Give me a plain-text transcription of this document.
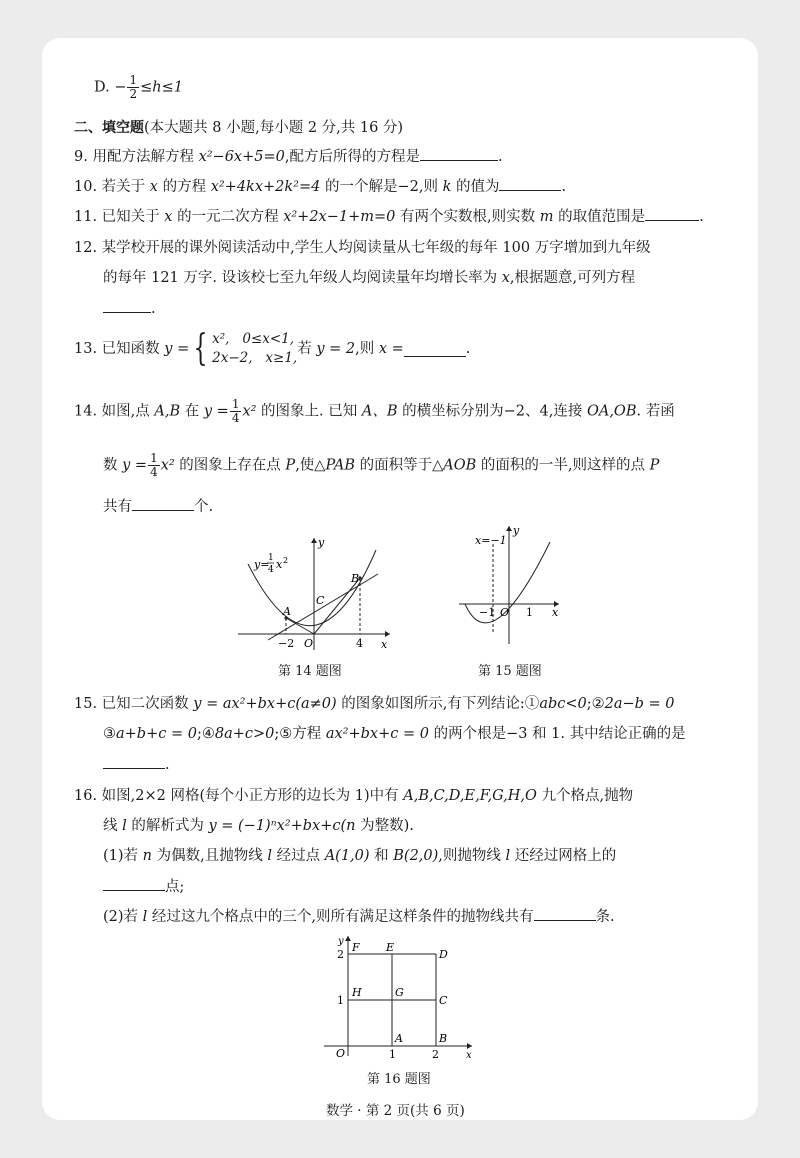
D. − $\frac{1}{2} \le h\le 1$
二、填空题(本大题共 8 小题,每小题 2 分,共 16 分)
9. 用配方法解方程 x²−6x+5=0,配方后所得的方程是	.
10. 若关于 x 的方程 x²+4kx+2k²=4 的一个解是−2,则 k 的值为	.
11. 已知关于 x 的一元二次方程 x²+2x−1+m=0 有两个实数根,则实数 m 的取值范围是	.
12. 某学校开展的课外阅读活动中,学生人均阅读量从七年级的每年 100 万字增加到九年级
的每年 121 万字. 设该校七至九年级人均阅读量年均增长率为 x,根据题意,可列方程
.
13. 已知函数 y = { x², 0≤x<1,
2x−2, x≥1,若 y = 2,则 x =	.
14. 如图,点 A,B 在 $y = \frac{1}{4} x^2$ 的图象上. 已知 A、B 的横坐标分别为−2、4,连接 OA,OB. 若函
数 $y = \frac{1}{4} x^2$ 的图象上存在点 P,使△PAB 的面积等于△AOB 的面积的一半,则这样的点 P
共有	个.
y=
1
4 x 2
y
x
A
B
C
O
−2	4
第 14 题图
x=−1
y
x
−1 O 1
第 15 题图
15. 已知二次函数 y = ax²+bx+c(a≠0) 的图象如图所示,有下列结论:①abc<0;②2a−b = 0
③a+b+c = 0;④8a+c>0;⑤方程 ax²+bx+c = 0 的两个根是−3 和 1. 其中结论正确的是
.
16. 如图,2×2 网格(每个小正方形的边长为 1)中有 A,B,C,D,E,F,G,H,O 九个格点,抛物
线 l 的解析式为 y = (−1)ⁿx²+bx+c(n 为整数).
(1)若 n 为偶数,且抛物线 l 经过点 A(1,0) 和 B(2,0),则抛物线 l 还经过网格上的
点;
(2)若 l 经过这九个格点中的三个,则所有满足这样条件的抛物线共有	条.
y
x
F E
D
H	G
C
A	B
O
2
1
1	2
第 16 题图
数学 · 第 2 页(共 6 页)
